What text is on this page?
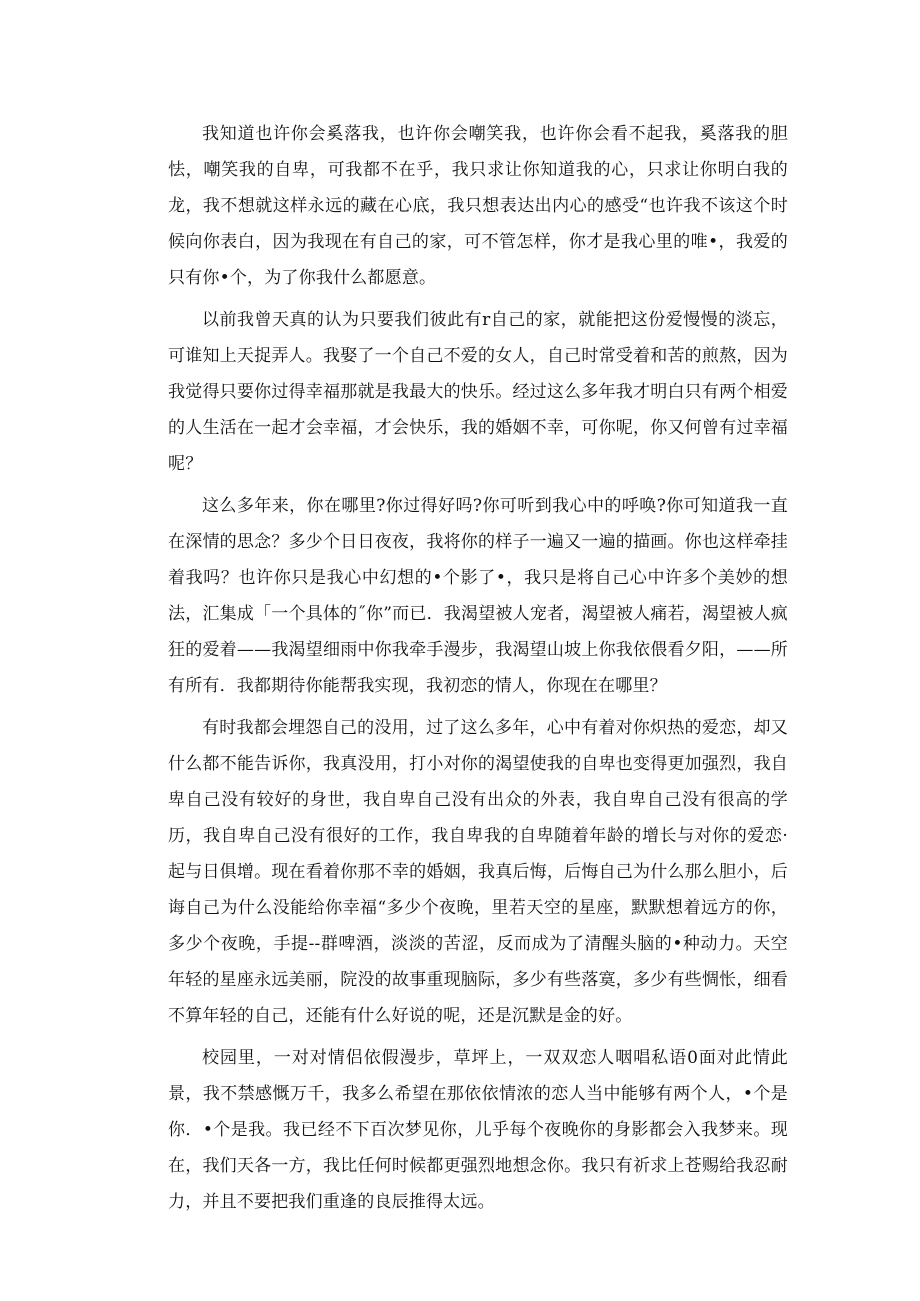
我知道也许你会奚落我，也许你会嘲笑我，也许你会看不起我，奚落我的胆怯，嘲笑我的自卑，可我都不在乎，我只求让你知道我的心，只求让你明白我的龙，我不想就这样永远的藏在心底，我只想表达出内心的感受“也许我不该这个时候向你表白，因为我现在有自己的家，可不管怎样，你才是我心里的唯•，我爱的只有你•个，为了你我什么都愿意。

以前我曾天真的认为只要我们彼此有r自己的家，就能把这份爱慢慢的淡忘，可谁知上天捉弄人。我娶了一个自己不爱的女人，自己时常受着和苦的煎熬，因为我觉得只要你过得幸福那就是我最大的快乐。经过这么多年我才明白只有两个相爱的人生活在一起才会幸福，才会快乐，我的婚姻不幸，可你呢，你又何曾有过幸福呢？

这么多年来，你在哪里?你过得好吗?你可听到我心中的呼唤?你可知道我一直在深情的思念？多少个日日夜夜，我将你的样子一遍又一遍的描画。你也这样牵挂着我吗？也许你只是我心中幻想的•个影了•，我只是将自己心中许多个美妙的想法，汇集成「一个具体的˝你”而已．我渴望被人宠者，渴望被人痛若，渴望被人疯狂的爱着——我渴望细雨中你我牵手漫步，我渴望山坡上你我依偎看夕阳，——所有所有．我都期待你能帮我实现，我初恋的情人，你现在在哪里？

有时我都会埋怨自己的没用，过了这么多年，心中有着对你炽热的爱恋，却又什么都不能告诉你，我真没用，打小对你的渴望使我的自卑也变得更加强烈，我自卑自己没有较好的身世，我自卑自己没有出众的外表，我自卑自己没有很高的学历，我自卑自己没有很好的工作，我自卑我的自卑随着年龄的增长与对你的爱恋·起与日俱增。现在看着你那不幸的婚姻，我真后悔，后悔自己为什么那么胆小，后诲自己为什么没能给你幸福“多少个夜晚，里若天空的星座，默默想着远方的你，多少个夜晚，手提--群啤酒，淡淡的苦涩，反而成为了清醒头脑的•种动力。天空年轻的星座永远美丽，院没的故事重现脑际，多少有些落寞，多少有些惆怅，细看不算年轻的自己，还能有什么好说的呢，还是沉默是金的好。

校园里，一对对情侣依假漫步，草坪上，一双双恋人咽唱私语0面对此情此景，我不禁感慨万千，我多么希望在那依依情浓的恋人当中能够有两个人，•个是你．•个是我。我已经不下百次梦见你，儿乎每个夜晚你的身影都会入我梦来。现在，我们天各一方，我比任何时候都更强烈地想念你。我只有祈求上苍赐给我忍耐力，并且不要把我们重逢的良辰推得太远。
